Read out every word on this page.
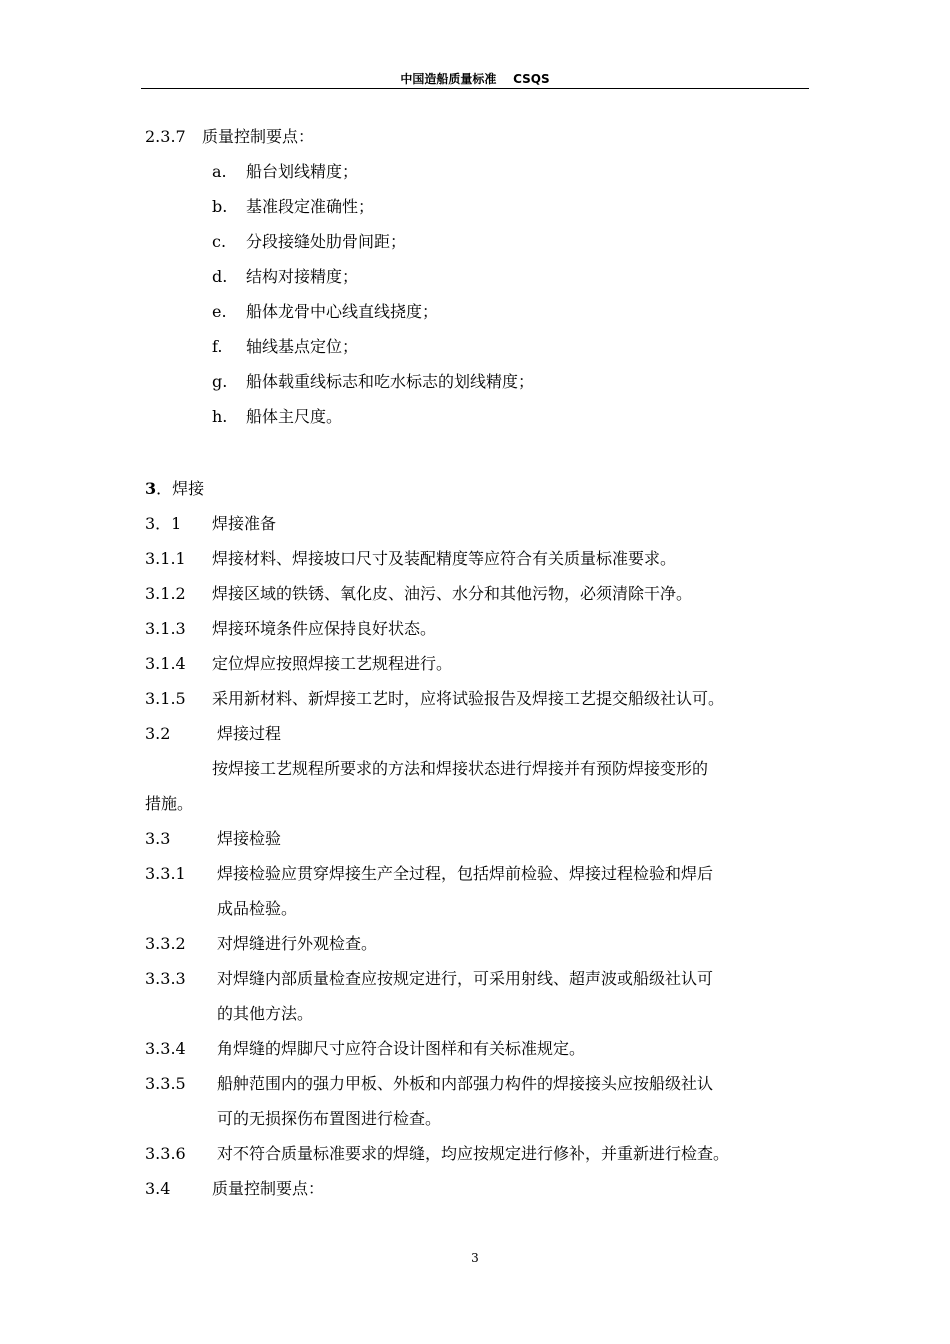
中国造船质量标准 CSQS
2.3.7 质量控制要点：
a. 船台划线精度；
b. 基准段定准确性；
c. 分段接缝处肋骨间距；
d. 结构对接精度；
e. 船体龙骨中心线直线挠度；
f. 轴线基点定位；
g. 船体载重线标志和吃水标志的划线精度；
h. 船体主尺度。
3．焊接
3．1 焊接准备
3.1.1 焊接材料、焊接坡口尺寸及装配精度等应符合有关质量标准要求。
3.1.2 焊接区域的铁锈、氧化皮、油污、水分和其他污物，必须清除干净。
3.1.3 焊接环境条件应保持良好状态。
3.1.4 定位焊应按照焊接工艺规程进行。
3.1.5 采用新材料、新焊接工艺时，应将试验报告及焊接工艺提交船级社认可。
3.2	焊接过程
按焊接工艺规程所要求的方法和焊接状态进行焊接并有预防焊接变形的
措施。
3.3	焊接检验
3.3.1 焊接检验应贯穿焊接生产全过程，包括焊前检验、焊接过程检验和焊后
成品检验。
3.3.2 对焊缝进行外观检查。
3.3.3 对焊缝内部质量检查应按规定进行，可采用射线、超声波或船级社认可
的其他方法。
3.3.4 角焊缝的焊脚尺寸应符合设计图样和有关标准规定。
3.3.5 船舯范围内的强力甲板、外板和内部强力构件的焊接接头应按船级社认
可的无损探伤布置图进行检查。
3.3.6 对不符合质量标准要求的焊缝，均应按规定进行修补，并重新进行检查。
3.4	质量控制要点：
3
